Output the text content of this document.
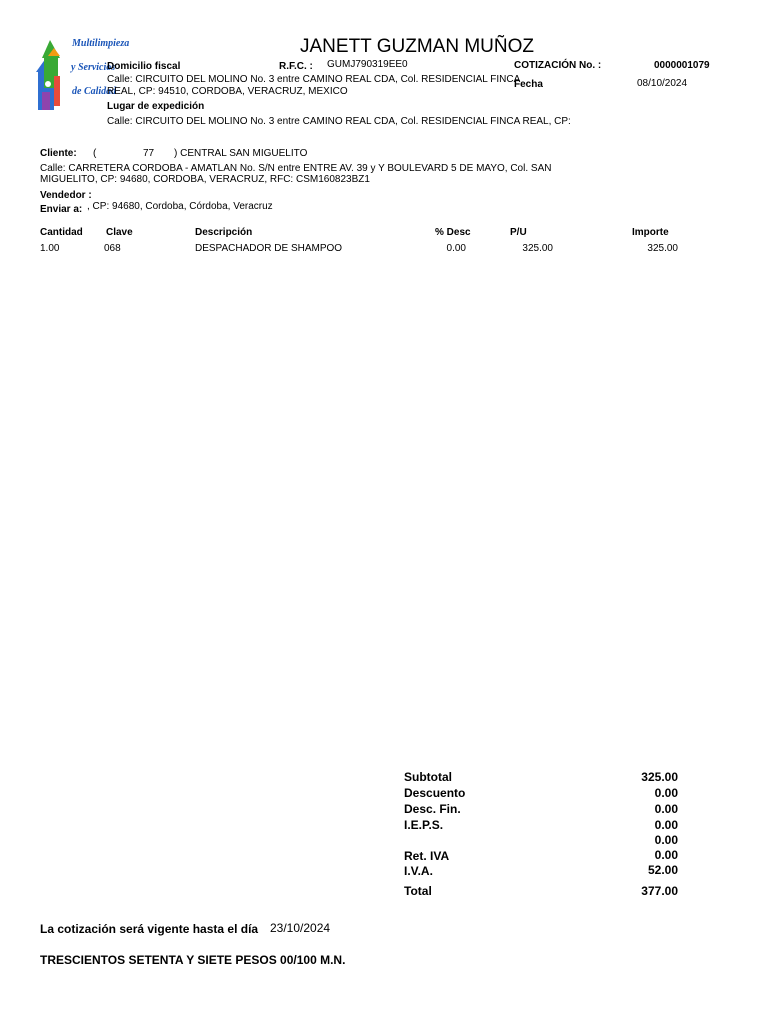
Multilimpieza
y Servicios
de Calidad
JANETT GUZMAN MUÑOZ
Domicilio fiscal	R.F.C. : GUMJ790319EE0	COTIZACIÓN No. :	0000001079
Calle: CIRCUITO DEL MOLINO No. 3 entre CAMINO REAL CDA, Col. RESIDENCIAL FINCA
REAL, CP: 94510, CORDOBA, VERACRUZ, MEXICO
Fecha	08/10/2024
Lugar de expedición
Calle: CIRCUITO DEL MOLINO No. 3 entre CAMINO REAL CDA, Col. RESIDENCIAL FINCA REAL, CP:
Cliente: (	77 ) CENTRAL SAN MIGUELITO
Calle: CARRETERA CORDOBA - AMATLAN No. S/N entre ENTRE AV. 39 y Y BOULEVARD 5 DE MAYO, Col. SAN
MIGUELITO, CP: 94680, CORDOBA, VERACRUZ, RFC: CSM160823BZ1
Vendedor :
Enviar a: , CP: 94680, Cordoba, Córdoba, Veracruz
Cantidad Clave	Descripción	% Desc	P/U	Importe
1.00	068	DESPACHADOR DE SHAMPOO	0.00	325.00	325.00
Subtotal	325.00
Descuento	0.00
Desc. Fin.	0.00
I.E.P.S.	0.00
0.00
Ret. IVA	0.00
I.V.A.	52.00
Total	377.00
La cotización será vigente hasta el día 23/10/2024
TRESCIENTOS SETENTA Y SIETE PESOS 00/100 M.N.
